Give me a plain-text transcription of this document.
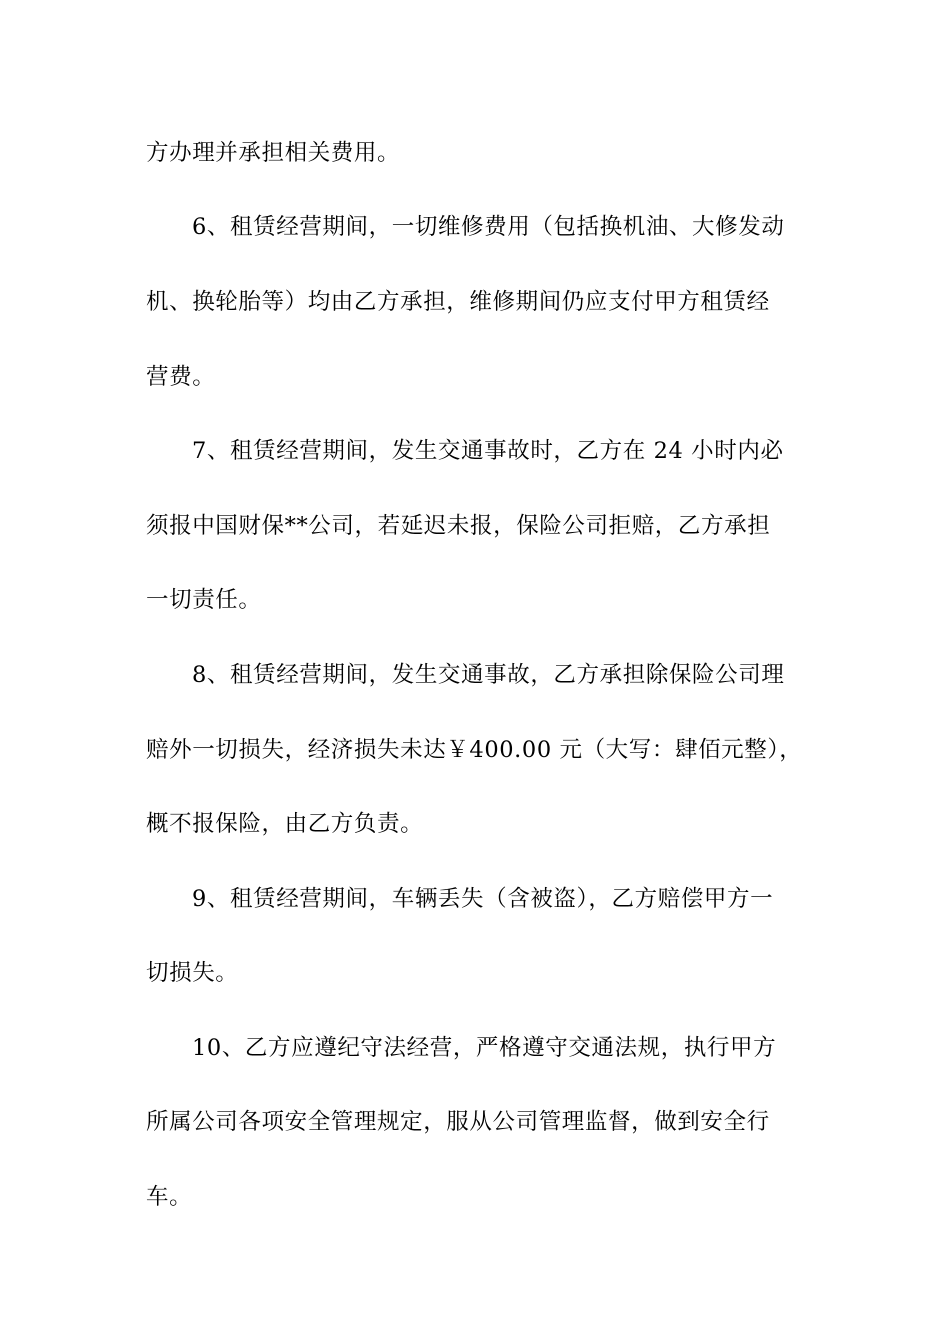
方办理并承担相关费用。
6、租赁经营期间，一切维修费用（包括换机油、大修发动
机、换轮胎等）均由乙方承担，维修期间仍应支付甲方租赁经
营费。
7、租赁经营期间，发生交通事故时，乙方在 24 小时内必
须报中国财保**公司，若延迟未报，保险公司拒赔，乙方承担
一切责任。
8、租赁经营期间，发生交通事故，乙方承担除保险公司理
赔外一切损失，经济损失未达￥400.00 元（大写：肆佰元整），
概不报保险，由乙方负责。
9、租赁经营期间，车辆丢失（含被盗），乙方赔偿甲方一
切损失。
10、乙方应遵纪守法经营，严格遵守交通法规，执行甲方
所属公司各项安全管理规定，服从公司管理监督，做到安全行
车。
